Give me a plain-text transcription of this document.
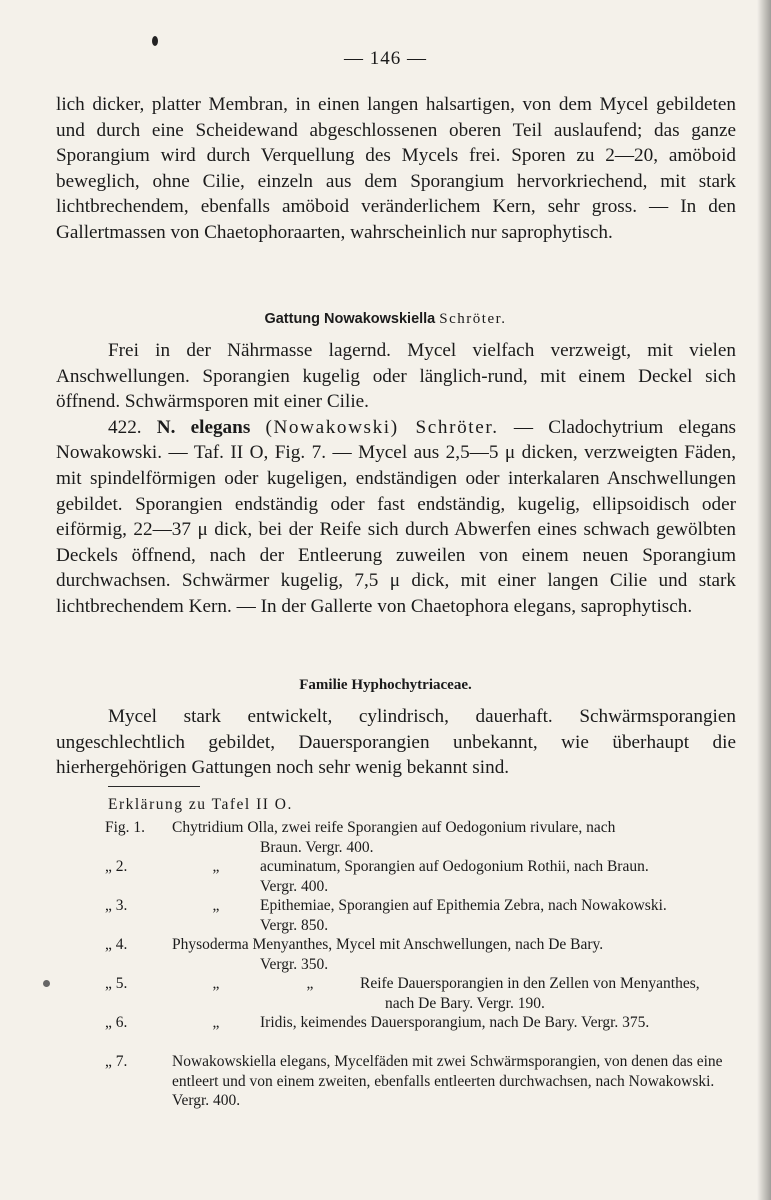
— 146 —

lich dicker, platter Membran, in einen langen halsartigen, von dem Mycel gebildeten und durch eine Scheidewand abgeschlossenen oberen Teil auslaufend; das ganze Sporangium wird durch Verquellung des Mycels frei. Sporen zu 2—20, amöboid beweglich, ohne Cilie, einzeln aus dem Sporangium hervorkriechend, mit stark lichtbrechendem, ebenfalls amöboid veränderlichem Kern, sehr gross. — In den Gallertmassen von Chaetophoraarten, wahrscheinlich nur saprophytisch.

Gattung Nowakowskiella Schröter.

Frei in der Nährmasse lagernd. Mycel vielfach verzweigt, mit vielen Anschwellungen. Sporangien kugelig oder länglich-rund, mit einem Deckel sich öffnend. Schwärmsporen mit einer Cilie.

422. N. elegans (Nowakowski) Schröter. — Cladochytrium elegans Nowakowski. — Taf. II O, Fig. 7. — Mycel aus 2,5—5 μ dicken, verzweigten Fäden, mit spindelförmigen oder kugeligen, endständigen oder interkalaren Anschwellungen gebildet. Sporangien endständig oder fast endständig, kugelig, ellipsoidisch oder eiförmig, 22—37 μ dick, bei der Reife sich durch Abwerfen eines schwach gewölbten Deckels öffnend, nach der Entleerung zuweilen von einem neuen Sporangium durchwachsen. Schwärmer kugelig, 7,5 μ dick, mit einer langen Cilie und stark lichtbrechendem Kern. — In der Gallerte von Chaetophora elegans, saprophytisch.

Familie Hyphochytriaceae.

Mycel stark entwickelt, cylindrisch, dauerhaft. Schwärmsporangien ungeschlechtlich gebildet, Dauersporangien unbekannt, wie überhaupt die hierhergehörigen Gattungen noch sehr wenig bekannt sind.

Erklärung zu Tafel II O.
Fig. 1.	Chytridium Olla, zwei reife Sporangien auf Oedogonium rivulare, nach
Braun. Vergr. 400.
„ 2.	„	acuminatum, Sporangien auf Oedogonium Rothii, nach Braun.
Vergr. 400.
„ 3.	„	Epithemiae, Sporangien auf Epithemia Zebra, nach Nowakowski.
Vergr. 850.
„ 4.	Physoderma Menyanthes, Mycel mit Anschwellungen, nach De Bary.
Vergr. 350.
„ 5.	„	„	Reife Dauersporangien in den Zellen von Menyanthes,
nach De Bary. Vergr. 190.
„ 6.	„	Iridis, keimendes Dauersporangium, nach De Bary. Vergr. 375.
„ 7.	Nowakowskiella elegans, Mycelfäden mit zwei Schwärmsporangien, von denen das eine entleert und von einem zweiten, ebenfalls entleerten durchwachsen, nach Nowakowski. Vergr. 400.
